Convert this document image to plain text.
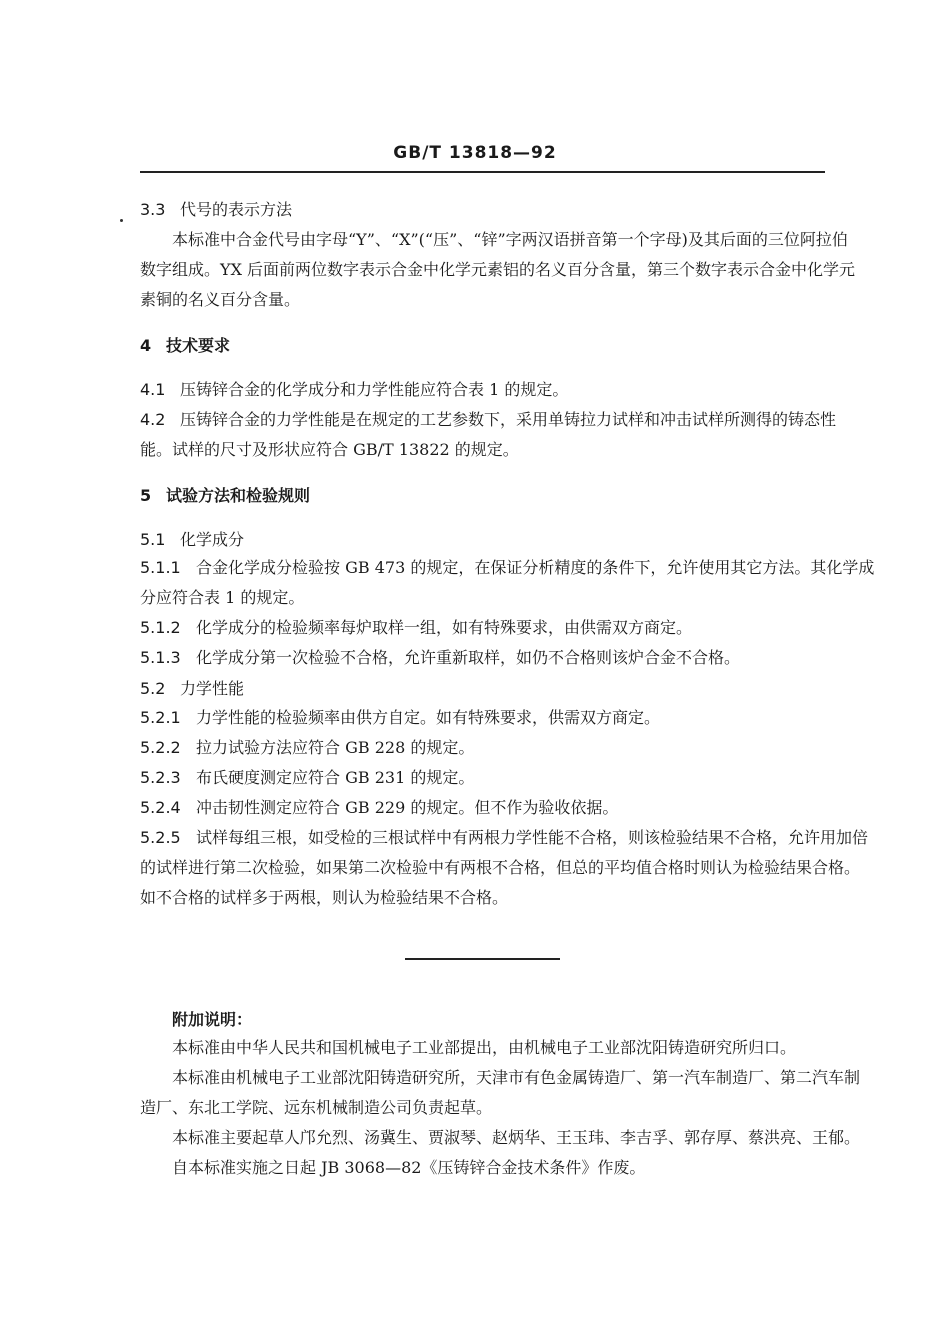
GB/T 13818—92
3.3 代号的表示方法
本标准中合金代号由字母“Y”、“X”(“压”、“锌”字两汉语拼音第一个字母)及其后面的三位阿拉伯
数字组成。YX 后面前两位数字表示合金中化学元素铝的名义百分含量，第三个数字表示合金中化学元
素铜的名义百分含量。
4 技术要求
4.1 压铸锌合金的化学成分和力学性能应符合表 1 的规定。
4.2 压铸锌合金的力学性能是在规定的工艺参数下，采用单铸拉力试样和冲击试样所测得的铸态性
能。试样的尺寸及形状应符合 GB/T 13822 的规定。
5 试验方法和检验规则
5.1 化学成分
5.1.1 合金化学成分检验按 GB 473 的规定，在保证分析精度的条件下，允许使用其它方法。其化学成
分应符合表 1 的规定。
5.1.2 化学成分的检验频率每炉取样一组，如有特殊要求，由供需双方商定。
5.1.3 化学成分第一次检验不合格，允许重新取样，如仍不合格则该炉合金不合格。
5.2 力学性能
5.2.1 力学性能的检验频率由供方自定。如有特殊要求，供需双方商定。
5.2.2 拉力试验方法应符合 GB 228 的规定。
5.2.3 布氏硬度测定应符合 GB 231 的规定。
5.2.4 冲击韧性测定应符合 GB 229 的规定。但不作为验收依据。
5.2.5 试样每组三根，如受检的三根试样中有两根力学性能不合格，则该检验结果不合格，允许用加倍
的试样进行第二次检验，如果第二次检验中有两根不合格，但总的平均值合格时则认为检验结果合格。
如不合格的试样多于两根，则认为检验结果不合格。
附加说明：
本标准由中华人民共和国机械电子工业部提出，由机械电子工业部沈阳铸造研究所归口。
本标准由机械电子工业部沈阳铸造研究所，天津市有色金属铸造厂、第一汽车制造厂、第二汽车制
造厂、东北工学院、远东机械制造公司负责起草。
本标准主要起草人邝允烈、汤冀生、贾淑琴、赵炳华、王玉玮、李吉孚、郭存厚、蔡洪亮、王郁。
自本标准实施之日起 JB 3068—82《压铸锌合金技术条件》作废。
